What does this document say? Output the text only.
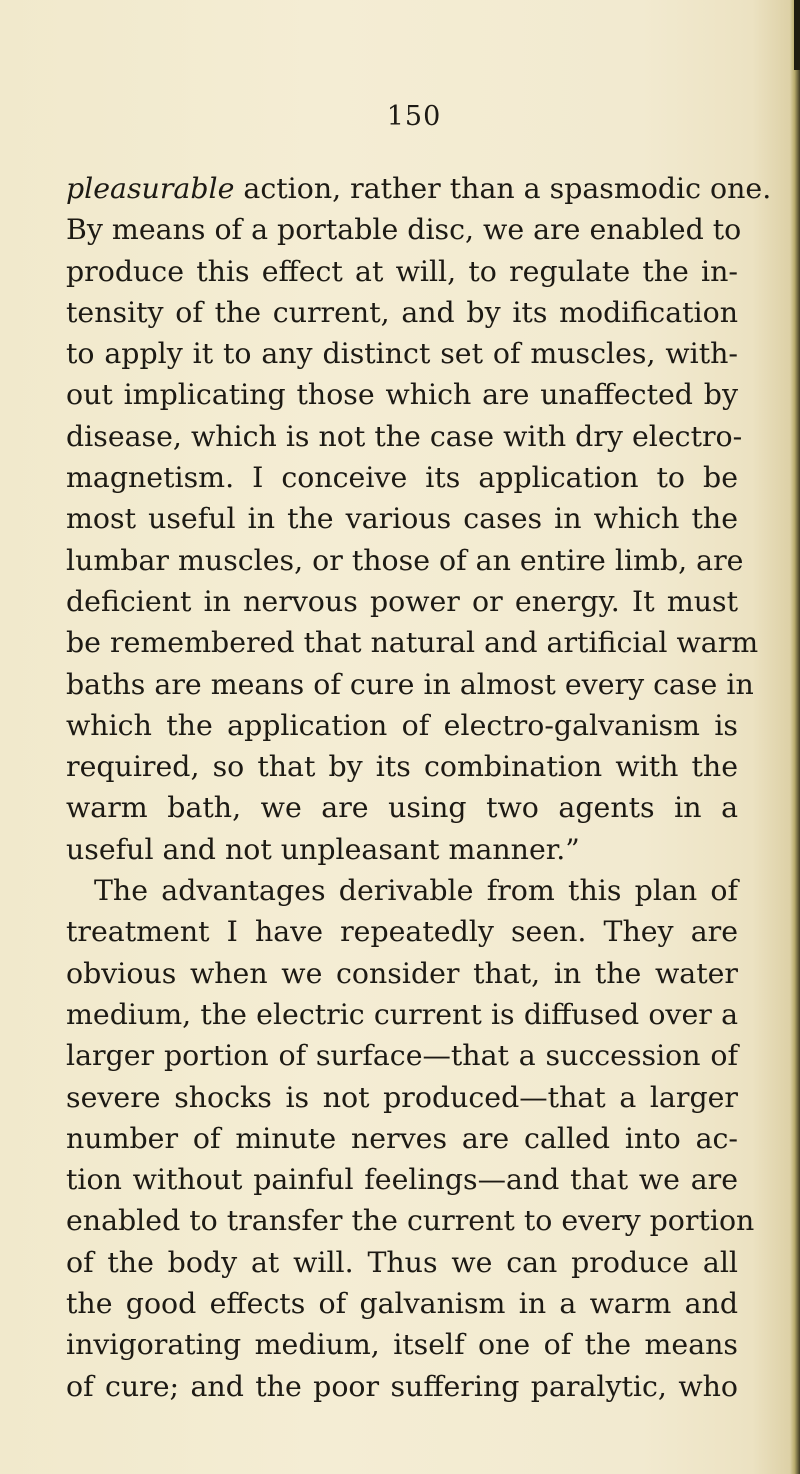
150
pleasurable action, rather than a spasmodic one.
By means of a portable disc, we are enabled to
produce this effect at will, to regulate the in-
tensity of the current, and by its modification
to apply it to any distinct set of muscles, with-
out implicating those which are unaffected by
disease, which is not the case with dry electro-
magnetism. I conceive its application to be
most useful in the various cases in which the
lumbar muscles, or those of an entire limb, are
deficient in nervous power or energy. It must
be remembered that natural and artificial warm
baths are means of cure in almost every case in
which the application of electro-galvanism is
required, so that by its combination with the
warm bath, we are using two agents in a
useful and not unpleasant manner.”
The advantages derivable from this plan of
treatment I have repeatedly seen. They are
obvious when we consider that, in the water
medium, the electric current is diffused over a
larger portion of surface—that a succession of
severe shocks is not produced—that a larger
number of minute nerves are called into ac-
tion without painful feelings—and that we are
enabled to transfer the current to every portion
of the body at will. Thus we can produce all
the good effects of galvanism in a warm and
invigorating medium, itself one of the means
of cure; and the poor suffering paralytic, who
